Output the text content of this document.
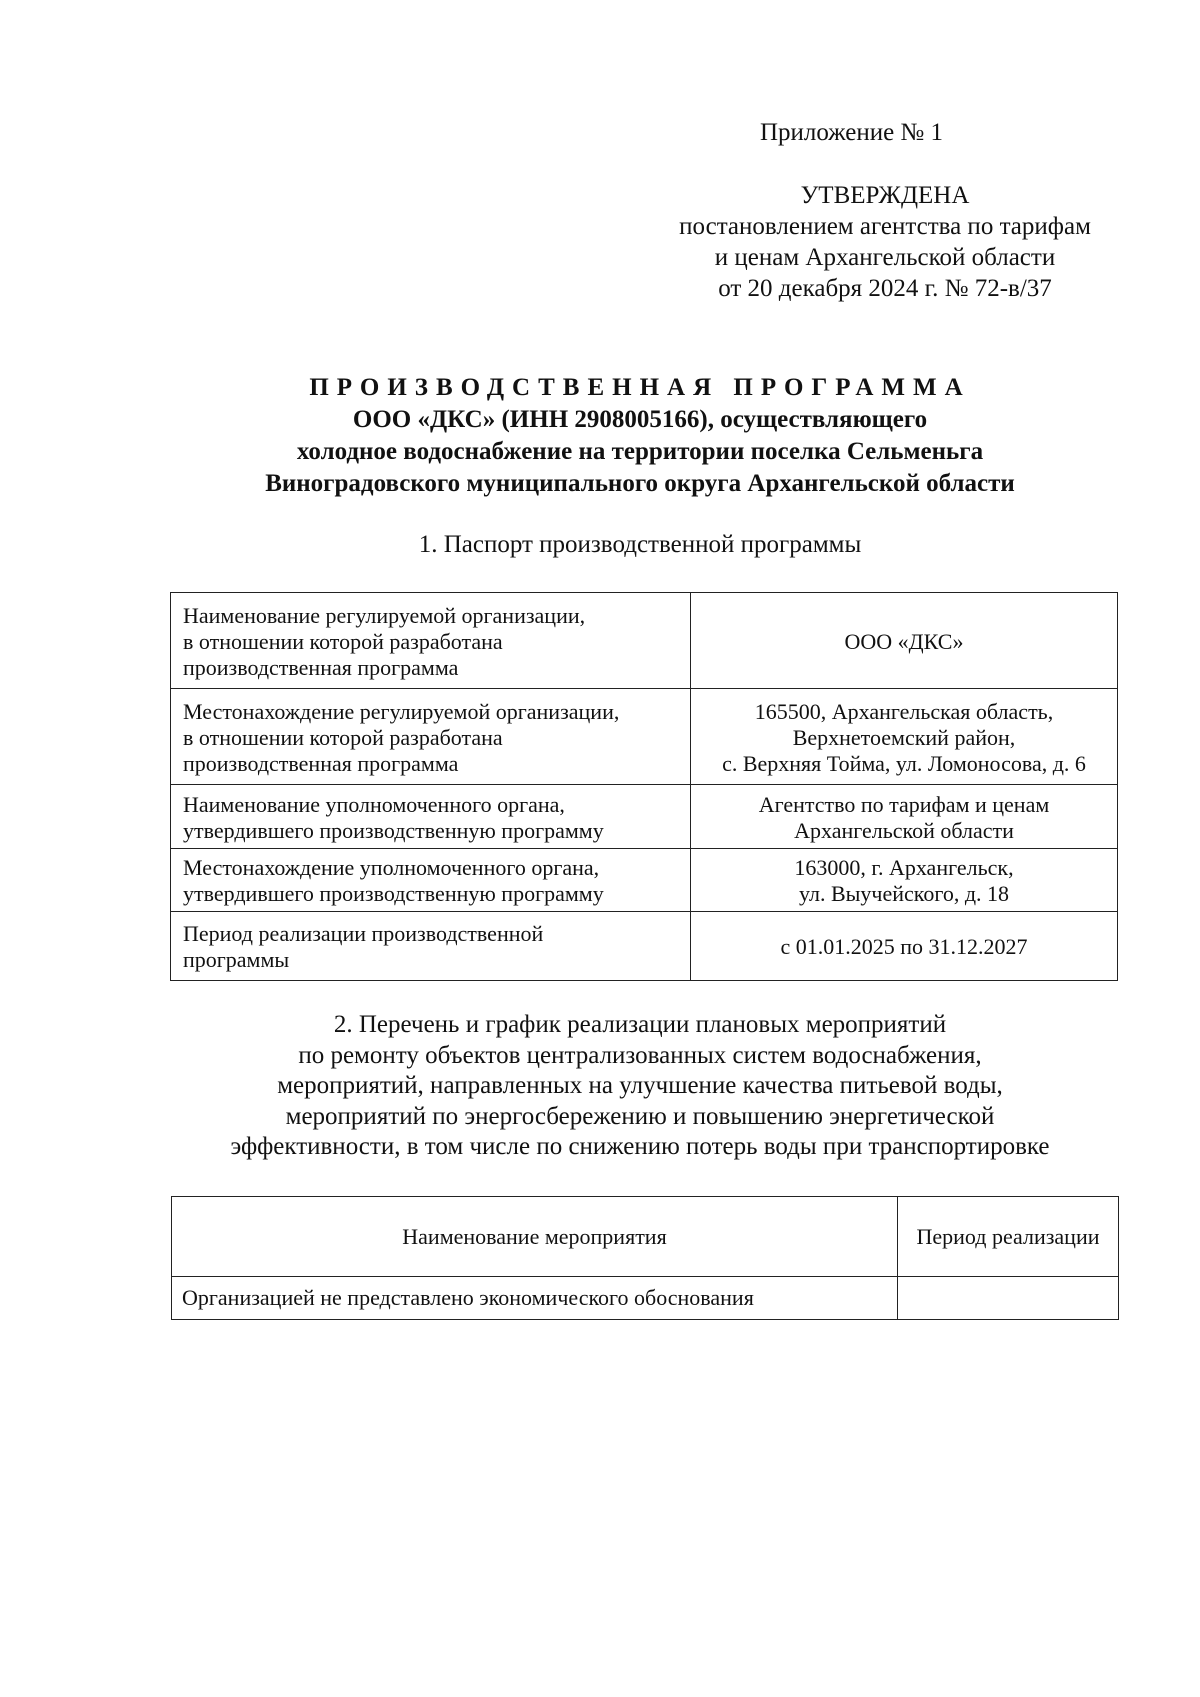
Приложение № 1
УТВЕРЖДЕНА
постановлением агентства по тарифам
и ценам Архангельской области
от 20 декабря 2024 г. № 72-в/37
ПРОИЗВОДСТВЕННАЯ ПРОГРАММА
ООО «ДКС» (ИНН 2908005166), осуществляющего
холодное водоснабжение на территории поселка Сельменьга
Виноградовского муниципального округа Архангельской области
1. Паспорт производственной программы
Наименование регулируемой организации,
в отношении которой разработана
производственная программа	ООО «ДКС»

Местонахождение регулируемой организации,
в отношении которой разработана
производственная программа	165500, Архангельская область,
Верхнетоемский район,
с. Верхняя Тойма, ул. Ломоносова, д. 6

Наименование уполномоченного органа,
утвердившего производственную программу	Агентство по тарифам и ценам
Архангельской области

Местонахождение уполномоченного органа,
утвердившего производственную программу	163000, г. Архангельск,
ул. Выучейского, д. 18

Период реализации производственной
программы	с 01.01.2025 по 31.12.2027
2. Перечень и график реализации плановых мероприятий
по ремонту объектов централизованных систем водоснабжения,
мероприятий, направленных на улучшение качества питьевой воды,
мероприятий по энергосбережению и повышению энергетической
эффективности, в том числе по снижению потерь воды при транспортировке
Наименование мероприятия	Период реализации
Организацией не представлено экономического обоснования	
